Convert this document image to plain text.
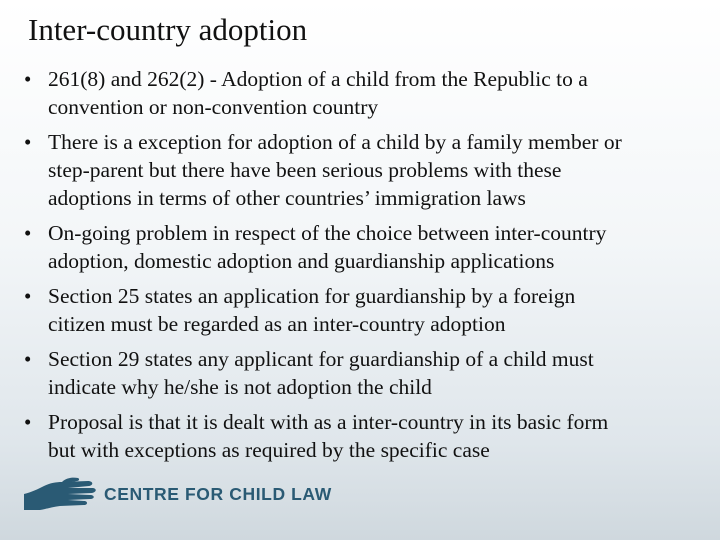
Inter-country adoption
• 261(8) and 262(2) - Adoption of a child from the Republic to a
convention or non-convention country
• There is a exception for adoption of a child by a family member or
step-parent but there have been serious problems with these
adoptions in terms of other countries’ immigration laws
• On-going problem in respect of the choice between inter-country
adoption, domestic adoption and guardianship applications
• Section 25 states an application for guardianship by a foreign
citizen must be regarded as an inter-country adoption
• Section 29 states any applicant for guardianship of a child must
indicate why he/she is not adoption the child
• Proposal is that it is dealt with as a inter-country in its basic form
but with exceptions as required by the specific case
CENTRE FOR CHILD LAW
